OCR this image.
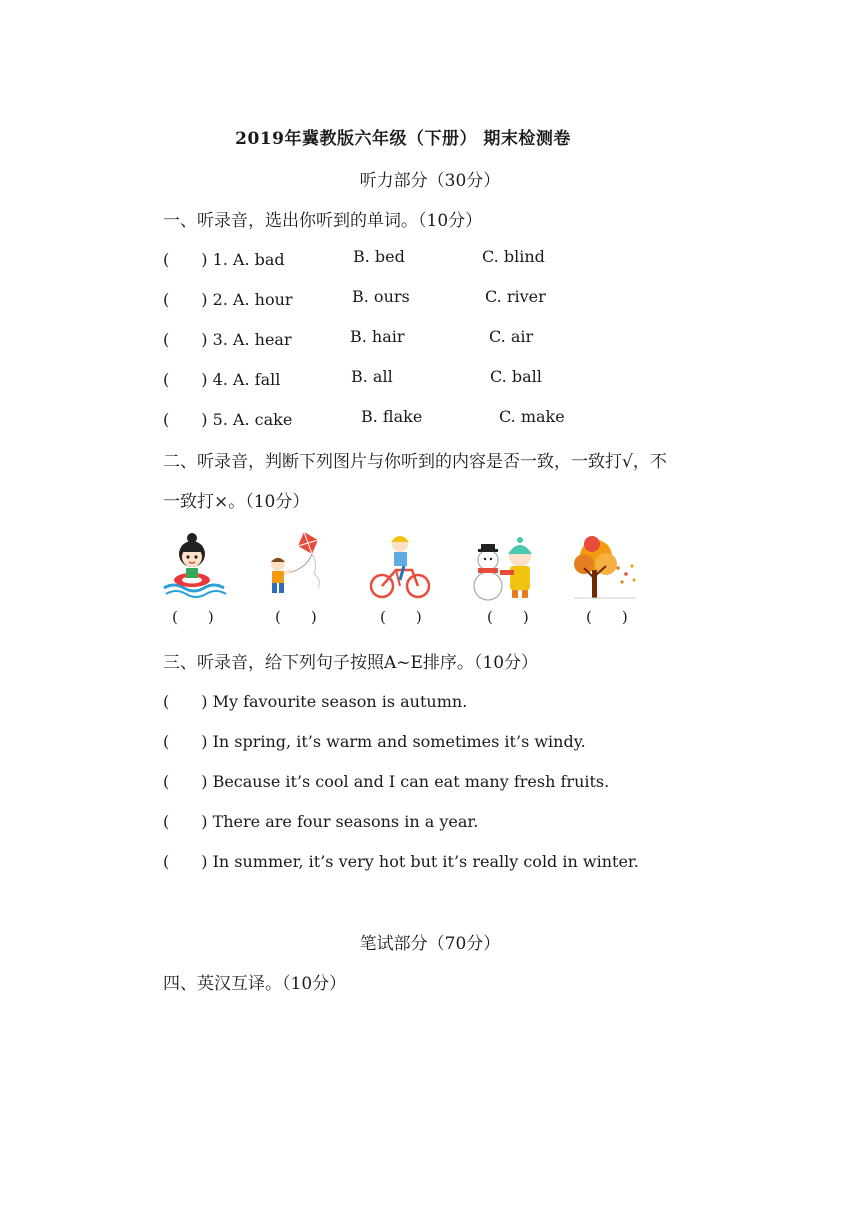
2019年冀教版六年级（下册） 期末检测卷
听力部分（30分）
一、听录音，选出你听到的单词。（10分）
(　　) 1. A. bad	B. bed	C. blind
(　　) 2. A. hour	B. ours	C. river
(　　) 3. A. hear	B. hair	C. air
(　　) 4. A. fall	B. all	C. ball
(　　) 5. A. cake	B. flake	C. make
二、听录音，判断下列图片与你听到的内容是否一致，一致打√，不
一致打×。（10分）
(　　)	(　　)	(　　)	(　　)	(　　)
三、听录音，给下列句子按照A~E排序。（10分）
(　　) My favourite season is autumn.
(　　) In spring, it’s warm and sometimes it’s windy.
(　　) Because it’s cool and I can eat many fresh fruits.
(　　) There are four seasons in a year.
(　　) In summer, it’s very hot but it’s really cold in winter.
笔试部分（70分）
四、英汉互译。（10分）
